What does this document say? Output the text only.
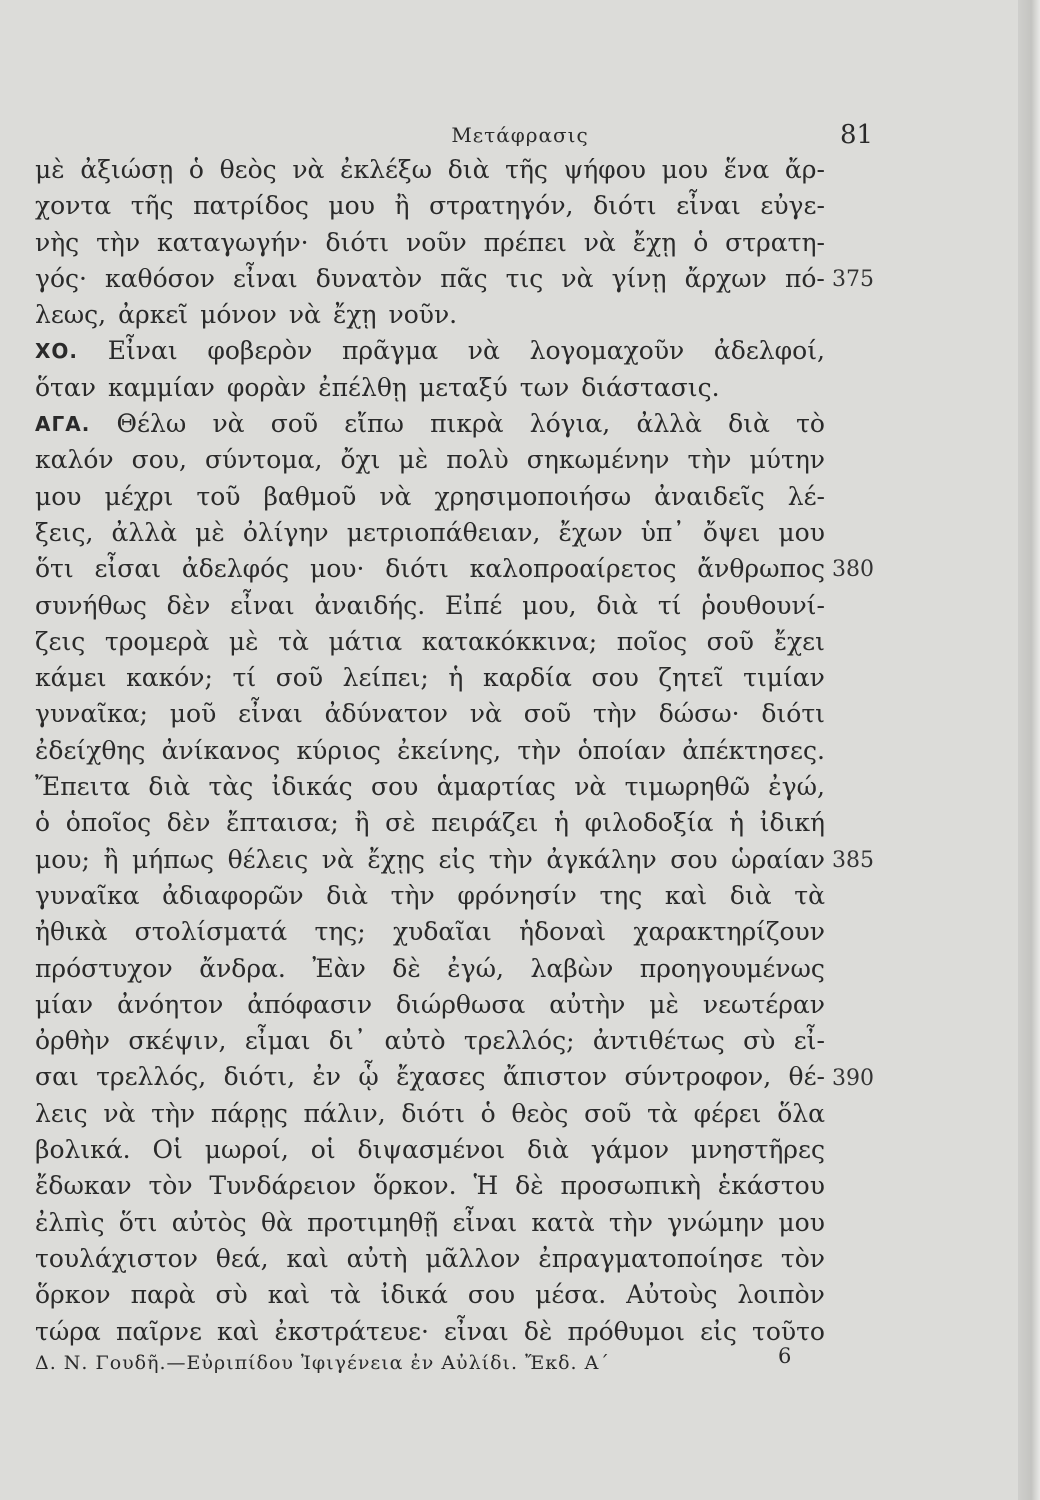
Μετάφρασις	81
μὲ ἀξιώσῃ ὁ θεὸς νὰ ἐκλέξω διὰ τῆς ψήφου μου ἕνα ἄρ-
χοντα τῆς πατρίδος μου ἢ στρατηγόν, διότι εἶναι εὐγε-
νὴς τὴν καταγωγήν· διότι νοῦν πρέπει νὰ ἔχῃ ὁ στρατη-
γός· καθόσον εἶναι δυνατὸν πᾶς τις νὰ γίνῃ ἄρχων πό-
λεως, ἀρκεῖ μόνον νὰ ἔχῃ νοῦν.
ΧΟ. Εἶναι φοβερὸν πρᾶγμα νὰ λογομαχοῦν ἀδελφοί,
ὅταν καμμίαν φορὰν ἐπέλθῃ μεταξύ των διάστασις.
ΑΓΑ. Θέλω νὰ σοῦ εἴπω πικρὰ λόγια, ἀλλὰ διὰ τὸ
καλόν σου, σύντομα, ὄχι μὲ πολὺ σηκωμένην τὴν μύτην
μου μέχρι τοῦ βαθμοῦ νὰ χρησιμοποιήσω ἀναιδεῖς λέ-
ξεις, ἀλλὰ μὲ ὀλίγην μετριοπάθειαν, ἔχων ὑπ᾽ ὄψει μου
ὅτι εἶσαι ἀδελφός μου· διότι καλοπροαίρετος ἄνθρωπος
συνήθως δὲν εἶναι ἀναιδής. Εἰπέ μου, διὰ τί ῥουθουνί-
ζεις τρομερὰ μὲ τὰ μάτια κατακόκκινα; ποῖος σοῦ ἔχει
κάμει κακόν; τί σοῦ λείπει; ἡ καρδία σου ζητεῖ τιμίαν
γυναῖκα; μοῦ εἶναι ἀδύνατον νὰ σοῦ τὴν δώσω· διότι
ἐδείχθης ἀνίκανος κύριος ἐκείνης, τὴν ὁποίαν ἀπέκτησες.
Ἔπειτα διὰ τὰς ἰδικάς σου ἁμαρτίας νὰ τιμωρηθῶ ἐγώ,
ὁ ὁποῖος δὲν ἔπταισα; ἢ σὲ πειράζει ἡ φιλοδοξία ἡ ἰδική
μου; ἢ μήπως θέλεις νὰ ἔχῃς εἰς τὴν ἀγκάλην σου ὡραίαν
γυναῖκα ἀδιαφορῶν διὰ τὴν φρόνησίν της καὶ διὰ τὰ
ἠθικὰ στολίσματά της; χυδαῖαι ἡδοναὶ χαρακτηρίζουν
πρόστυχον ἄνδρα. Ἐὰν δὲ ἐγώ, λαβὼν προηγουμένως
μίαν ἀνόητον ἀπόφασιν διώρθωσα αὐτὴν μὲ νεωτέραν
ὀρθὴν σκέψιν, εἶμαι δι᾽ αὐτὸ τρελλός; ἀντιθέτως σὺ εἶ-
σαι τρελλός, διότι, ἐν ᾧ ἔχασες ἄπιστον σύντροφον, θέ-
λεις νὰ τὴν πάρῃς πάλιν, διότι ὁ θεὸς σοῦ τὰ φέρει ὅλα
βολικά. Οἱ μωροί, οἱ διψασμένοι διὰ γάμον μνηστῆρες
ἔδωκαν τὸν Τυνδάρειον ὅρκον. Ἡ δὲ προσωπικὴ ἑκάστου
ἐλπὶς ὅτι αὐτὸς θὰ προτιμηθῇ εἶναι κατὰ τὴν γνώμην μου
τουλάχιστον θεά, καὶ αὐτὴ μᾶλλον ἐπραγματοποίησε τὸν
ὅρκον παρὰ σὺ καὶ τὰ ἰδικά σου μέσα. Αὐτοὺς λοιπὸν
τώρα παῖρνε καὶ ἐκστράτευε· εἶναι δὲ πρόθυμοι εἰς τοῦτο
375
380
385
390
Δ. Ν. Γουδῆ.—Εὐριπίδου Ἰφιγένεια ἐν Αὐλίδι. Ἔκδ. Α´	6
